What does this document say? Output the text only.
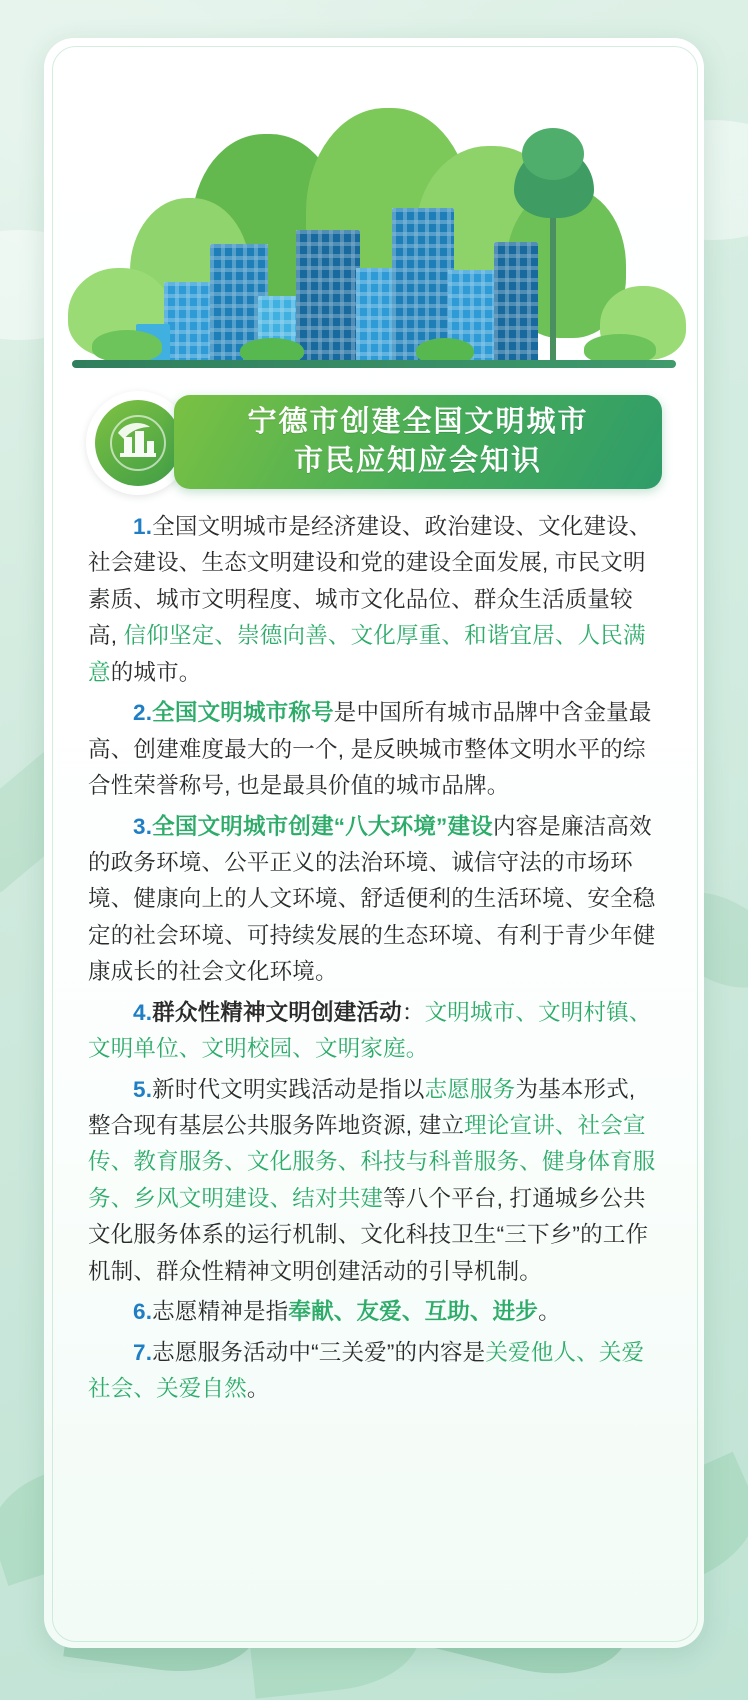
宁德市创建全国文明城市
市民应知应会知识

1.全国文明城市是经济建设、政治建设、文化建设、社会建设、生态文明建设和党的建设全面发展, 市民文明素质、城市文明程度、城市文化品位、群众生活质量较高, 信仰坚定、崇德向善、文化厚重、和谐宜居、人民满意的城市。

2.全国文明城市称号是中国所有城市品牌中含金量最高、创建难度最大的一个, 是反映城市整体文明水平的综合性荣誉称号, 也是最具价值的城市品牌。

3.全国文明城市创建“八大环境”建设内容是廉洁高效的政务环境、公平正义的法治环境、诚信守法的市场环境、健康向上的人文环境、舒适便利的生活环境、安全稳定的社会环境、可持续发展的生态环境、有利于青少年健康成长的社会文化环境。

4.群众性精神文明创建活动：文明城市、文明村镇、文明单位、文明校园、文明家庭。

5.新时代文明实践活动是指以志愿服务为基本形式, 整合现有基层公共服务阵地资源, 建立理论宣讲、社会宣传、教育服务、文化服务、科技与科普服务、健身体育服务、乡风文明建设、结对共建等八个平台, 打通城乡公共文化服务体系的运行机制、文化科技卫生“三下乡”的工作机制、群众性精神文明创建活动的引导机制。

6.志愿精神是指奉献、友爱、互助、进步。

7.志愿服务活动中“三关爱”的内容是关爱他人、关爱社会、关爱自然。
